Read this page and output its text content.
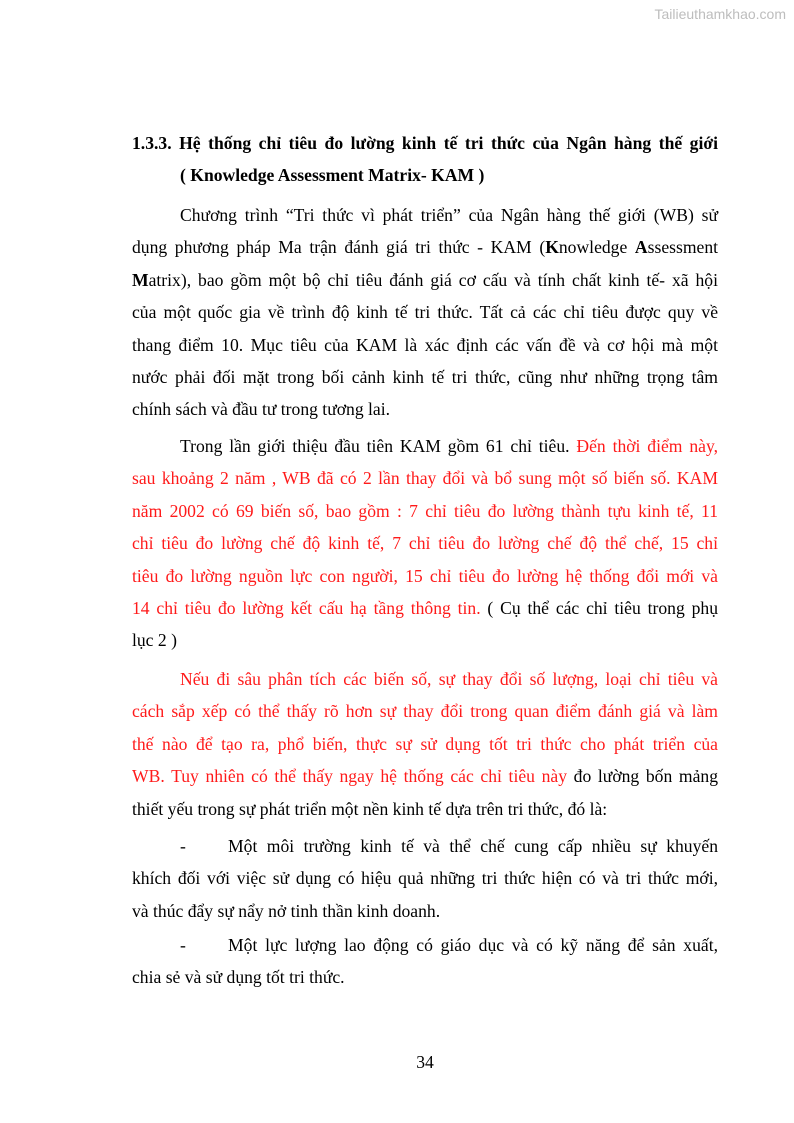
Tailieuthamkhao.com
1.3.3. Hệ thống chỉ tiêu đo lường kinh tế tri thức của Ngân hàng thế giới
( Knowledge Assessment Matrix- KAM )
Chương trình “Tri thức vì phát triển” của Ngân hàng thế giới (WB) sử
dụng phương pháp Ma trận đánh giá tri thức - KAM (Knowledge Assessment
Matrix), bao gồm một bộ chỉ tiêu đánh giá cơ cấu và tính chất kinh tế- xã hội
của một quốc gia về trình độ kinh tế tri thức. Tất cả các chỉ tiêu được quy về
thang điểm 10. Mục tiêu của KAM là xác định các vấn đề và cơ hội mà một
nước phải đối mặt trong bối cảnh kinh tế tri thức, cũng như những trọng tâm
chính sách và đầu tư trong tương lai.
Trong lần giới thiệu đầu tiên KAM gồm 61 chỉ tiêu. Đến thời điểm này,
sau khoảng 2 năm , WB đã có 2 lần thay đổi và bổ sung một số biến số. KAM
năm 2002 có 69 biến số, bao gồm : 7 chỉ tiêu đo lường thành tựu kinh tế, 11
chỉ tiêu đo lường chế độ kinh tế, 7 chỉ tiêu đo lường chế độ thể chế, 15 chỉ
tiêu đo lường nguồn lực con người, 15 chỉ tiêu đo lường hệ thống đổi mới và
14 chỉ tiêu đo lường kết cấu hạ tầng thông tin. ( Cụ thể các chỉ tiêu trong phụ
lục 2 )
Nếu đi sâu phân tích các biến số, sự thay đổi số lượng, loại chỉ tiêu và
cách sắp xếp có thể thấy rõ hơn sự thay đổi trong quan điểm đánh giá và làm
thế nào để tạo ra, phổ biến, thực sự sử dụng tốt tri thức cho phát triển của
WB. Tuy nhiên có thể thấy ngay hệ thống các chỉ tiêu này đo lường bốn mảng
thiết yếu trong sự phát triển một nền kinh tế dựa trên tri thức, đó là:
- Một môi trường kinh tế và thể chế cung cấp nhiều sự khuyến
khích đối với việc sử dụng có hiệu quả những tri thức hiện có và tri thức mới,
và thúc đẩy sự nẩy nở tinh thần kinh doanh.
- Một lực lượng lao động có giáo dục và có kỹ năng để sản xuất,
chia sẻ và sử dụng tốt tri thức.
34
